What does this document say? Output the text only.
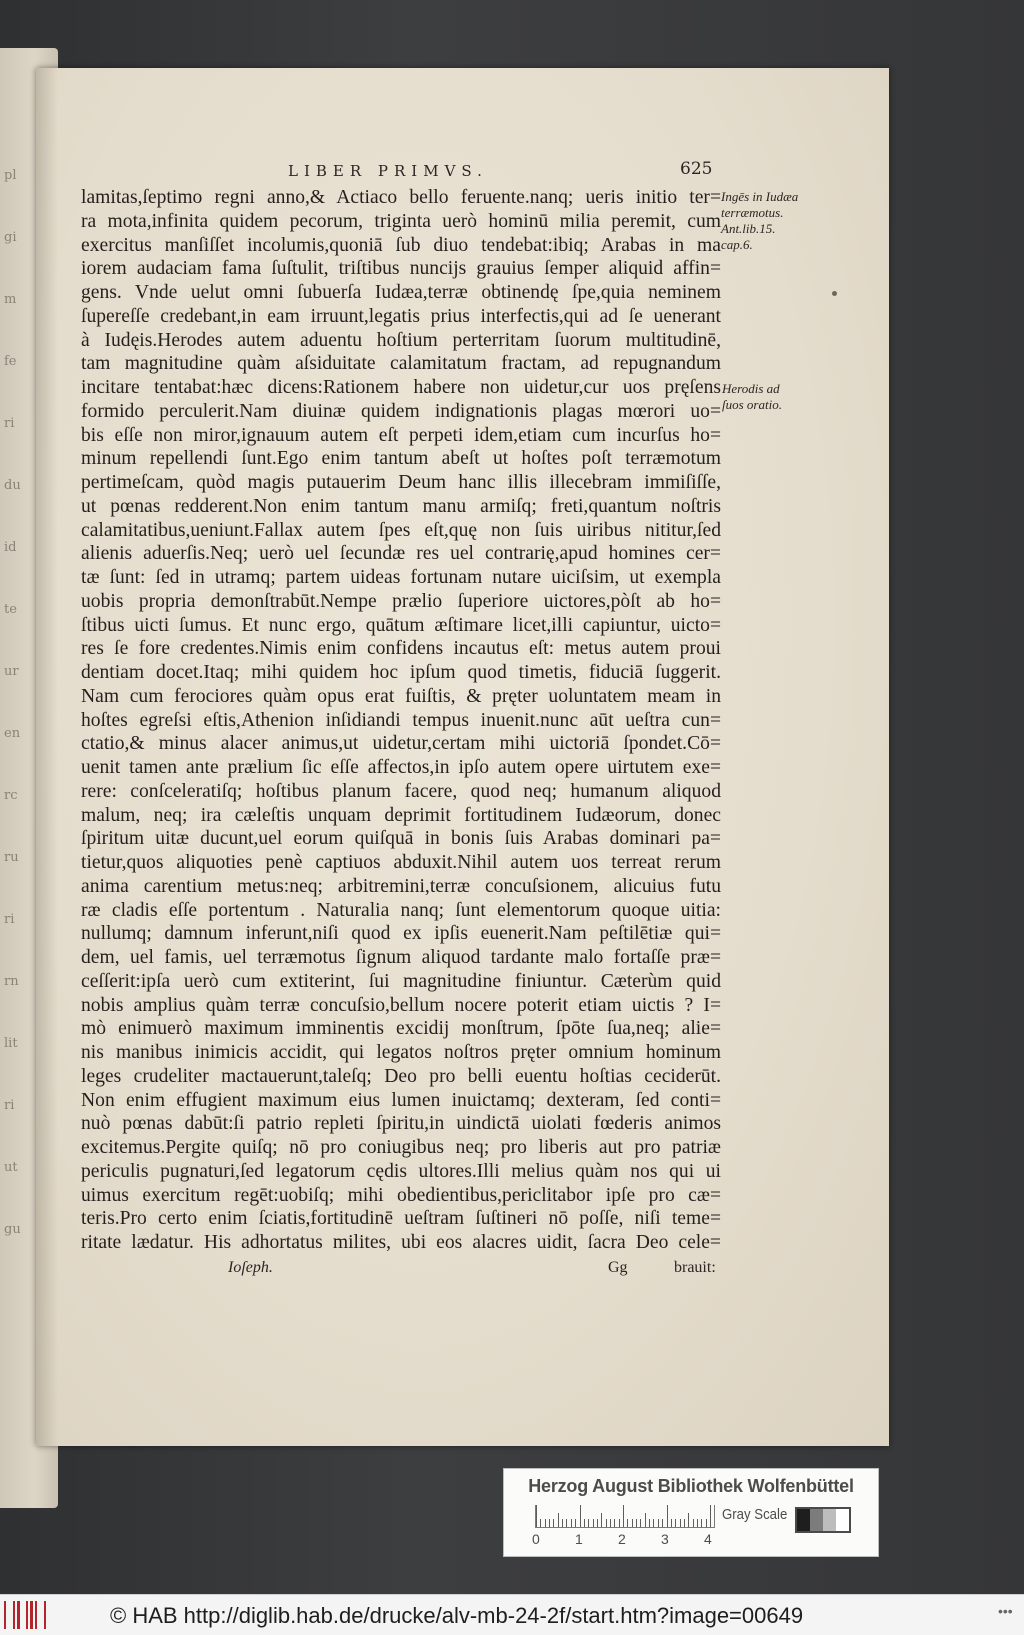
pl
gi
m
fe
ri
du
id
te
ur
en
rc
ru
ri
rn
lit
ri
ut
gu
LIBER PRIMVS.	625
lamitas,ſeptimo regni anno,& Actiaco bello feruente.nanq; ueris initio ter=
ra mota,infinita quidem pecorum, triginta uerò hominū milia peremit, cum
exercitus manſiſſet incolumis,quoniā ſub diuo tendebat:ibiq; Arabas in ma
iorem audaciam fama ſuſtulit, triſtibus nuncijs grauius ſemper aliquid affin=
gens. Vnde uelut omni ſubuerſa Iudæa,terræ obtinendę ſpe,quia neminem
ſupereſſe credebant,in eam irruunt,legatis prius interfectis,qui ad ſe uenerant
à Iudęis.Herodes autem aduentu hoſtium perterritam ſuorum multitudinē,
tam magnitudine quàm aſsiduitate calamitatum fractam, ad repugnandum
incitare tentabat:hæc dicens:Rationem habere non uidetur,cur uos pręſens
formido perculerit.Nam diuinæ quidem indignationis plagas mœrori uo=
bis eſſe non miror,ignauum autem eſt perpeti idem,etiam cum incurſus ho=
minum repellendi ſunt.Ego enim tantum abeſt ut hoſtes poſt terræmotum
pertimeſcam, quòd magis putauerim Deum hanc illis illecebram immiſiſſe,
ut pœnas redderent.Non enim tantum manu armiſq; freti,quantum noſtris
calamitatibus,ueniunt.Fallax autem ſpes eſt,quę non ſuis uiribus nititur,ſed
alienis aduerſis.Neq; uerò uel ſecundæ res uel contrarię,apud homines cer=
tæ ſunt: ſed in utramq; partem uideas fortunam nutare uiciſsim, ut exempla
uobis propria demonſtrabūt.Nempe prælio ſuperiore uictores,pòſt ab ho=
ſtibus uicti ſumus. Et nunc ergo, quātum æſtimare licet,illi capiuntur, uicto=
res ſe fore credentes.Nimis enim confidens incautus eſt: metus autem proui
dentiam docet.Itaq; mihi quidem hoc ipſum quod timetis, fiduciā ſuggerit.
Nam cum ferociores quàm opus erat fuiſtis, & pręter uoluntatem meam in
hoſtes egreſsi eſtis,Athenion inſidiandi tempus inuenit.nunc aūt ueſtra cun=
ctatio,& minus alacer animus,ut uidetur,certam mihi uictoriā ſpondet.Cō=
uenit tamen ante prælium ſic eſſe affectos,in ipſo autem opere uirtutem exe=
rere: conſceleratiſq; hoſtibus planum facere, quod neq; humanum aliquod
malum, neq; ira cæleſtis unquam deprimit fortitudinem Iudæorum, donec
ſpiritum uitæ ducunt,uel eorum quiſquā in bonis ſuis Arabas dominari pa=
tietur,quos aliquoties penè captiuos abduxit.Nihil autem uos terreat rerum
anima carentium metus:neq; arbitremini,terræ concuſsionem, alicuius futu
ræ cladis eſſe portentum . Naturalia nanq; ſunt elementorum quoque uitia:
nullumq; damnum inferunt,niſi quod ex ipſis euenerit.Nam peſtilētiæ qui=
dem, uel famis, uel terræmotus ſignum aliquod tardante malo fortaſſe præ=
ceſſerit:ipſa uerò cum extiterint, ſui magnitudine finiuntur. Cæterùm quid
nobis amplius quàm terræ concuſsio,bellum nocere poterit etiam uictis ? I=
mò enimuerò maximum imminentis excidij monſtrum, ſpōte ſua,neq; alie=
nis manibus inimicis accidit, qui legatos noſtros pręter omnium hominum
leges crudeliter mactauerunt,taleſq; Deo pro belli euentu hoſtias ceciderūt.
Non enim effugient maximum eius lumen inuictamq; dexteram, ſed conti=
nuò pœnas dabūt:ſi patrio repleti ſpiritu,in uindictā uiolati fœderis animos
excitemus.Pergite quiſq; nō pro coniugibus neq; pro liberis aut pro patriæ
periculis pugnaturi,ſed legatorum cędis ultores.Illi melius quàm nos qui ui
uimus exercitum regēt:uobiſq; mihi obedientibus,periclitabor ipſe pro cæ=
teris.Pro certo enim ſciatis,fortitudinē ueſtram ſuſtineri nō poſſe, niſi teme=
ritate lædatur. His adhortatus milites, ubi eos alacres uidit, ſacra Deo cele=
Ingēs in Iudæa terræmotus. Ant.lib.15. cap.6.
Herodis ad ſuos oratio.
Ioſeph.	Gg	brauit:
Herzog August Bibliothek Wolfenbüttel
0	1	2	3	4
Gray Scale
© HAB http://diglib.hab.de/drucke/alv-mb-24-2f/start.htm?image=00649	•••
